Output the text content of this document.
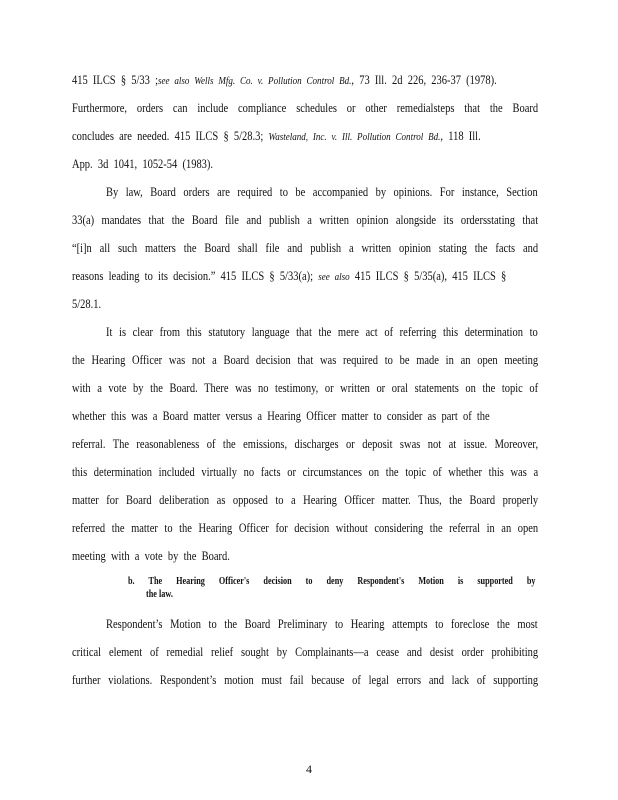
415 ILCS § 5/33 ;see also Wells Mfg. Co. v. Pollution Control Bd., 73 Ill. 2d 226, 236-37 (1978).
Furthermore, orders can include compliance schedules or other remedialsteps that the Board
concludes are needed. 415 ILCS § 5/28.3; Wasteland, Inc. v. Ill. Pollution Control Bd., 118 Ill.
App. 3d 1041, 1052-54 (1983).
By law, Board orders are required to be accompanied by opinions. For instance, Section
33(a) mandates that the Board file and publish a written opinion alongside its ordersstating that
“[i]n all such matters the Board shall file and publish a written opinion stating the facts and
reasons leading to its decision.” 415 ILCS § 5/33(a); see also 415 ILCS § 5/35(a), 415 ILCS §
5/28.1.
It is clear from this statutory language that the mere act of referring this determination to
the Hearing Officer was not a Board decision that was required to be made in an open meeting
with a vote by the Board. There was no testimony, or written or oral statements on the topic of
whether this was a Board matter versus a Hearing Officer matter to consider as part of the
referral. The reasonableness of the emissions, discharges or deposit swas not at issue. Moreover,
this determination included virtually no facts or circumstances on the topic of whether this was a
matter for Board deliberation as opposed to a Hearing Officer matter. Thus, the Board properly
referred the matter to the Hearing Officer for decision without considering the referral in an open
meeting with a vote by the Board.
b. The Hearing Officer's decision to deny Respondent's Motion is supported by
the law.
Respondent’s Motion to the Board Preliminary to Hearing attempts to foreclose the most
critical element of remedial relief sought by Complainants—a cease and desist order prohibiting
further violations. Respondent’s motion must fail because of legal errors and lack of supporting
4
